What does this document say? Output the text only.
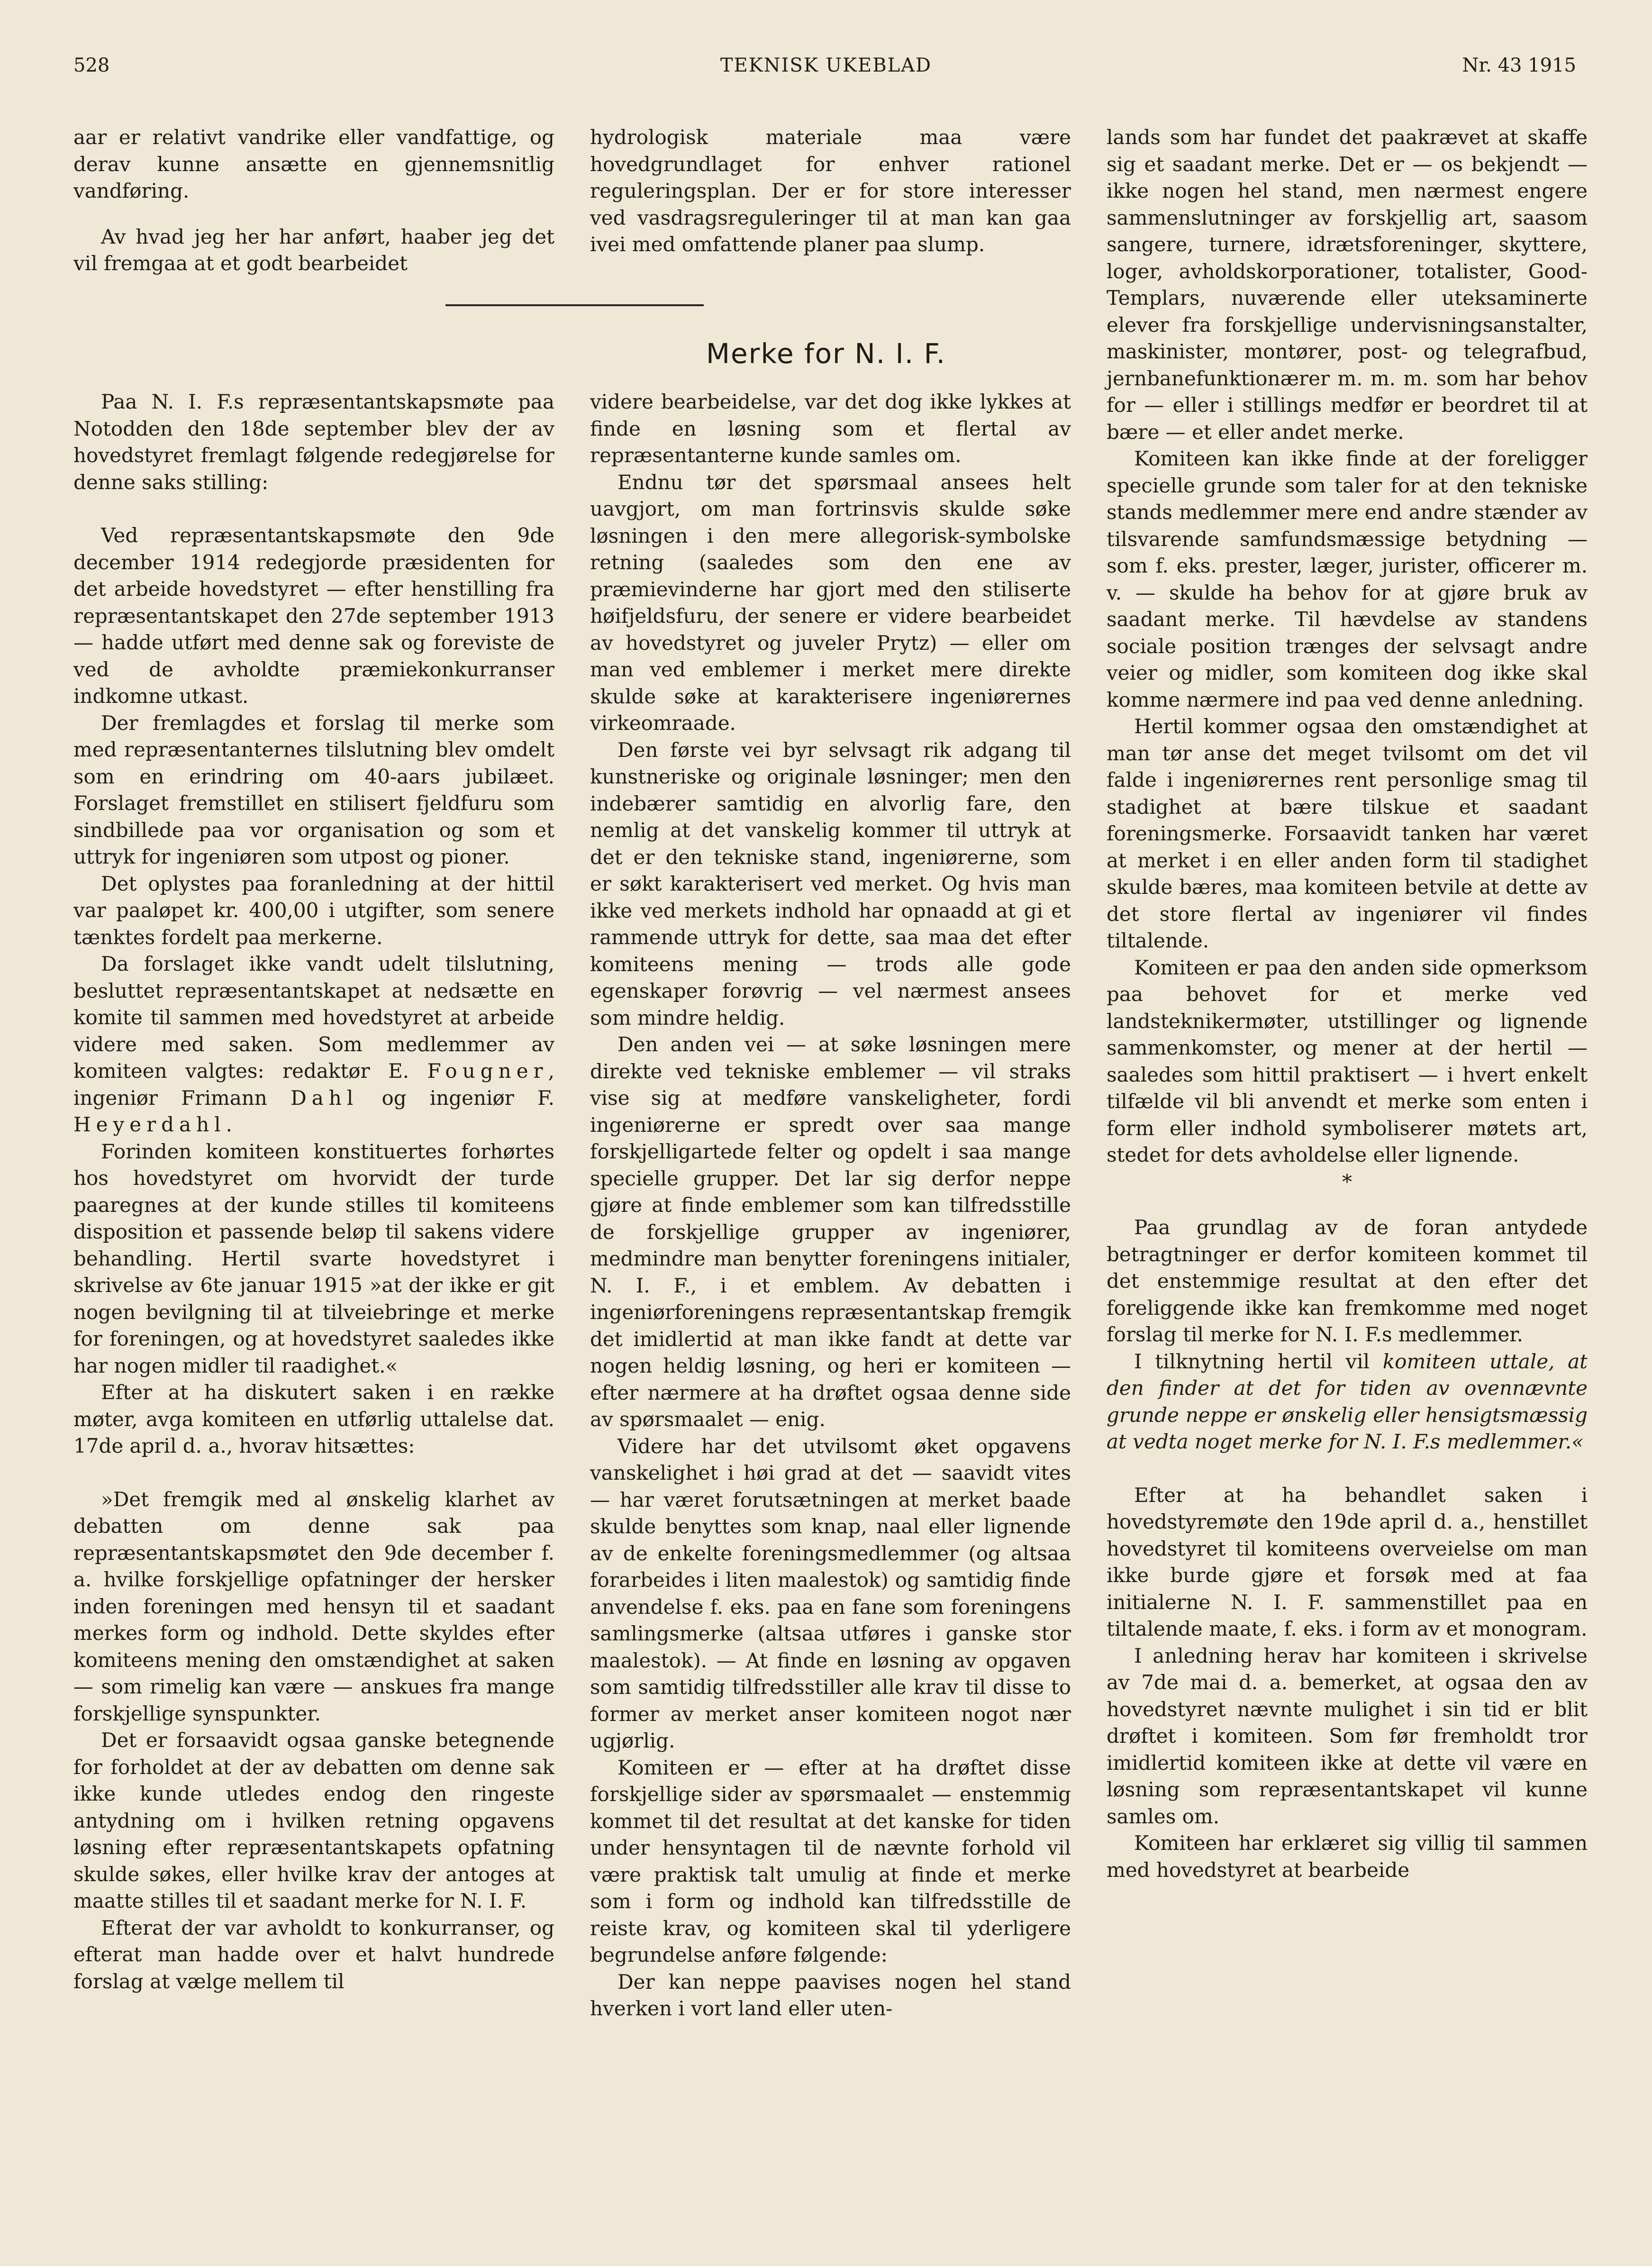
528	TEKNISK UKEBLAD	Nr. 43 1915

aar er relativt vandrike eller vandfattige, og derav kunne ansætte en gjennemsnitlig vandføring.

Av hvad jeg her har anført, haaber jeg det vil fremgaa at et godt bearbeidet

hydrologisk materiale maa være hovedgrundlaget for enhver rationel reguleringsplan. Der er for store interesser ved vasdragsreguleringer til at man kan gaa ivei med omfattende planer paa slump.

Merke for N. I. F.

Paa N. I. F.s repræsentantskapsmøte paa Notodden den 18de september blev der av hovedstyret fremlagt følgende redegjørelse for denne saks stilling:

Ved repræsentantskapsmøte den 9de december 1914 redegjorde præsidenten for det arbeide hovedstyret — efter henstilling fra repræsentantskapet den 27de september 1913 — hadde utført med denne sak og foreviste de ved de avholdte præmiekonkurranser indkomne utkast.

Der fremlagdes et forslag til merke som med repræsentanternes tilslutning blev omdelt som en erindring om 40-aars jubilæet. Forslaget fremstillet en stilisert fjeldfuru som sindbillede paa vor organisation og som et uttryk for ingeniøren som utpost og pioner.

Det oplystes paa foranledning at der hittil var paaløpet kr. 400,00 i utgifter, som senere tænktes fordelt paa merkerne.

Da forslaget ikke vandt udelt tilslutning, besluttet repræsentantskapet at nedsætte en komite til sammen med hovedstyret at arbeide videre med saken. Som medlemmer av komiteen valgtes: redaktør E. Fougner, ingeniør Frimann Dahl og ingeniør F. Heyerdahl.

Forinden komiteen konstituertes forhørtes hos hovedstyret om hvorvidt der turde paaregnes at der kunde stilles til komiteens disposition et passende beløp til sakens videre behandling. Hertil svarte hovedstyret i skrivelse av 6te januar 1915 »at der ikke er git nogen bevilgning til at tilveiebringe et merke for foreningen, og at hovedstyret saaledes ikke har nogen midler til raadighet.«

Efter at ha diskutert saken i en række møter, avga komiteen en utførlig uttalelse dat. 17de april d. a., hvorav hitsættes:

»Det fremgik med al ønskelig klarhet av debatten om denne sak paa repræsentantskapsmøtet den 9de december f. a. hvilke forskjellige opfatninger der hersker inden foreningen med hensyn til et saadant merkes form og indhold. Dette skyldes efter komiteens mening den omstændighet at saken — som rimelig kan være — anskues fra mange forskjellige synspunkter.

Det er forsaavidt ogsaa ganske betegnende for forholdet at der av debatten om denne sak ikke kunde utledes endog den ringeste antydning om i hvilken retning opgavens løsning efter repræsentantskapets opfatning skulde søkes, eller hvilke krav der antoges at maatte stilles til et saadant merke for N. I. F.

Efterat der var avholdt to konkurranser, og efterat man hadde over et halvt hundrede forslag at vælge mellem til

videre bearbeidelse, var det dog ikke lykkes at finde en løsning som et flertal av repræsentanterne kunde samles om.

Endnu tør det spørsmaal ansees helt uavgjort, om man fortrinsvis skulde søke løsningen i den mere allegorisk-symbolske retning (saaledes som den ene av præmievinderne har gjort med den stiliserte høifjeldsfuru, der senere er videre bearbeidet av hovedstyret og juveler Prytz) — eller om man ved emblemer i merket mere direkte skulde søke at karakterisere ingeniørernes virkeomraade.

Den første vei byr selvsagt rik adgang til kunstneriske og originale løsninger; men den indebærer samtidig en alvorlig fare, den nemlig at det vanskelig kommer til uttryk at det er den tekniske stand, ingeniørerne, som er søkt karakterisert ved merket. Og hvis man ikke ved merkets indhold har opnaadd at gi et rammende uttryk for dette, saa maa det efter komiteens mening — trods alle gode egenskaper forøvrig — vel nærmest ansees som mindre heldig.

Den anden vei — at søke løsningen mere direkte ved tekniske emblemer — vil straks vise sig at medføre vanskeligheter, fordi ingeniørerne er spredt over saa mange forskjelligartede felter og opdelt i saa mange specielle grupper. Det lar sig derfor neppe gjøre at finde emblemer som kan tilfredsstille de forskjellige grupper av ingeniører, medmindre man benytter foreningens initialer, N. I. F., i et emblem. Av debatten i ingeniørforeningens repræsentantskap fremgik det imidlertid at man ikke fandt at dette var nogen heldig løsning, og heri er komiteen — efter nærmere at ha drøftet ogsaa denne side av spørsmaalet — enig.

Videre har det utvilsomt øket opgavens vanskelighet i høi grad at det — saavidt vites — har været forutsætningen at merket baade skulde benyttes som knap, naal eller lignende av de enkelte foreningsmedlemmer (og altsaa forarbeides i liten maalestok) og samtidig finde anvendelse f. eks. paa en fane som foreningens samlingsmerke (altsaa utføres i ganske stor maalestok). — At finde en løsning av opgaven som samtidig tilfredsstiller alle krav til disse to former av merket anser komiteen nogot nær ugjørlig.

Komiteen er — efter at ha drøftet disse forskjellige sider av spørsmaalet — enstemmig kommet til det resultat at det kanske for tiden under hensyntagen til de nævnte forhold vil være praktisk talt umulig at finde et merke som i form og indhold kan tilfredsstille de reiste krav, og komiteen skal til yderligere begrundelse anføre følgende:

Der kan neppe paavises nogen hel stand hverken i vort land eller uten-

lands som har fundet det paakrævet at skaffe sig et saadant merke. Det er — os bekjendt — ikke nogen hel stand, men nærmest engere sammenslutninger av forskjellig art, saasom sangere, turnere, idrætsforeninger, skyttere, loger, avholdskorporationer, totalister, Good-Templars, nuværende eller uteksaminerte elever fra forskjellige undervisningsanstalter, maskinister, montører, post- og telegrafbud, jernbanefunktionærer m. m. m. som har behov for — eller i stillings medfør er beordret til at bære — et eller andet merke.

Komiteen kan ikke finde at der foreligger specielle grunde som taler for at den tekniske stands medlemmer mere end andre stænder av tilsvarende samfundsmæssige betydning — som f. eks. prester, læger, jurister, officerer m. v. — skulde ha behov for at gjøre bruk av saadant merke. Til hævdelse av standens sociale position trænges der selvsagt andre veier og midler, som komiteen dog ikke skal komme nærmere ind paa ved denne anledning.

Hertil kommer ogsaa den omstændighet at man tør anse det meget tvilsomt om det vil falde i ingeniørernes rent personlige smag til stadighet at bære tilskue et saadant foreningsmerke. Forsaavidt tanken har været at merket i en eller anden form til stadighet skulde bæres, maa komiteen betvile at dette av det store flertal av ingeniører vil findes tiltalende.

Komiteen er paa den anden side opmerksom paa behovet for et merke ved landsteknikermøter, utstillinger og lignende sammenkomster, og mener at der hertil — saaledes som hittil praktisert — i hvert enkelt tilfælde vil bli anvendt et merke som enten i form eller indhold symboliserer møtets art, stedet for dets avholdelse eller lignende.

*

Paa grundlag av de foran antydede betragtninger er derfor komiteen kommet til det enstemmige resultat at den efter det foreliggende ikke kan fremkomme med noget forslag til merke for N. I. F.s medlemmer.

I tilknytning hertil vil komiteen uttale, at den finder at det for tiden av ovennævnte grunde neppe er ønskelig eller hensigtsmæssig at vedta noget merke for N. I. F.s medlemmer.«

Efter at ha behandlet saken i hovedstyremøte den 19de april d. a., henstillet hovedstyret til komiteens overveielse om man ikke burde gjøre et forsøk med at faa initialerne N. I. F. sammenstillet paa en tiltalende maate, f. eks. i form av et monogram.

I anledning herav har komiteen i skrivelse av 7de mai d. a. bemerket, at ogsaa den av hovedstyret nævnte mulighet i sin tid er blit drøftet i komiteen. Som før fremholdt tror imidlertid komiteen ikke at dette vil være en løsning som repræsentantskapet vil kunne samles om.

Komiteen har erklæret sig villig til sammen med hovedstyret at bearbeide
